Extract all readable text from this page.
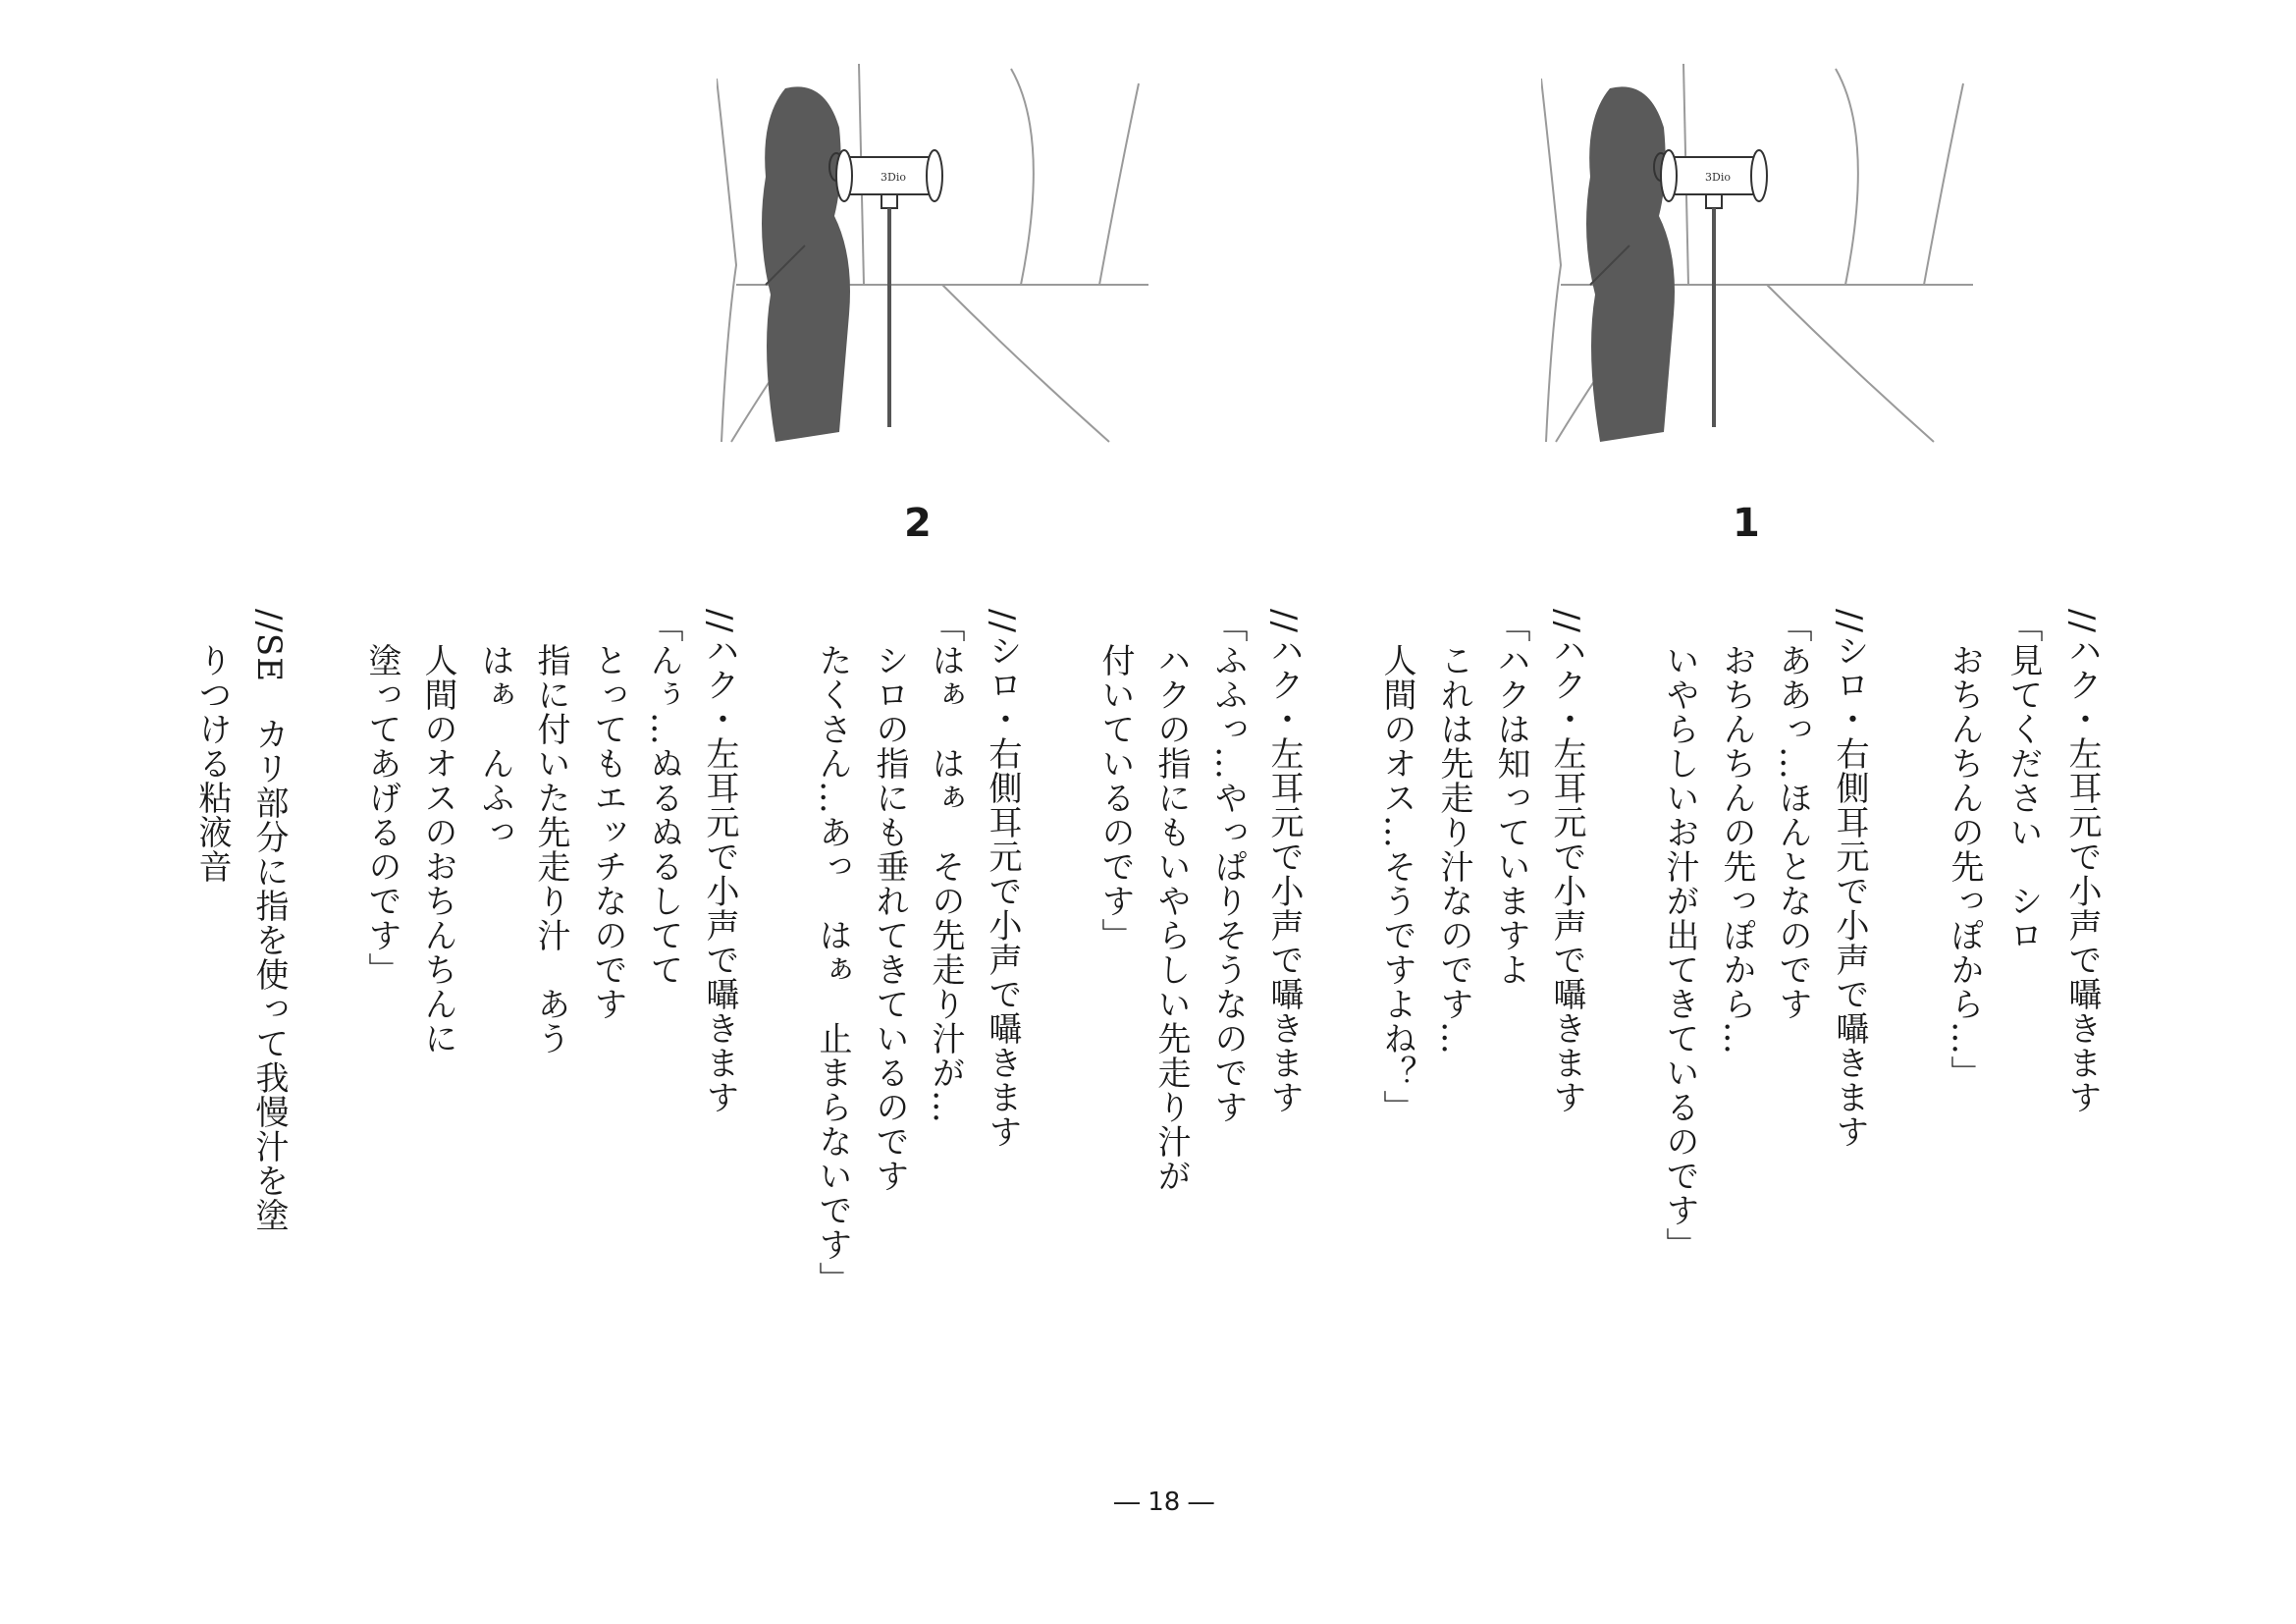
3Dio
1
3Dio
2
//ハク・左耳元で小声で囁きます
「見てください　シロ
　おちんちんの先っぽから…」
//シロ・右側耳元で小声で囁きます
「ああっ…ほんとなのです
　おちんちんの先っぽから…
　いやらしいお汁が出てきているのです」
//ハク・左耳元で小声で囁きます
「ハクは知っていますよ
　これは先走り汁なのです…
　人間のオス…そうですよね？」
//ハク・左耳元で小声で囁きます
「ふふっ…やっぱりそうなのです
　ハクの指にもいやらしい先走り汁が
　付いているのです」
//シロ・右側耳元で小声で囁きます
「はぁ　はぁ　その先走り汁が…
　シロの指にも垂れてきているのです
　たくさん…あっ　はぁ　止まらないです」
//ハク・左耳元で小声で囁きます
「んぅ…ぬるぬるしてて
　とってもエッチなのです
　指に付いた先走り汁　あう
　はぁ　んふっ
　人間のオスのおちんちんに
　塗ってあげるのです」
//SE　カリ部分に指を使って我慢汁を塗
　りつける粘液音
― 18 ―
